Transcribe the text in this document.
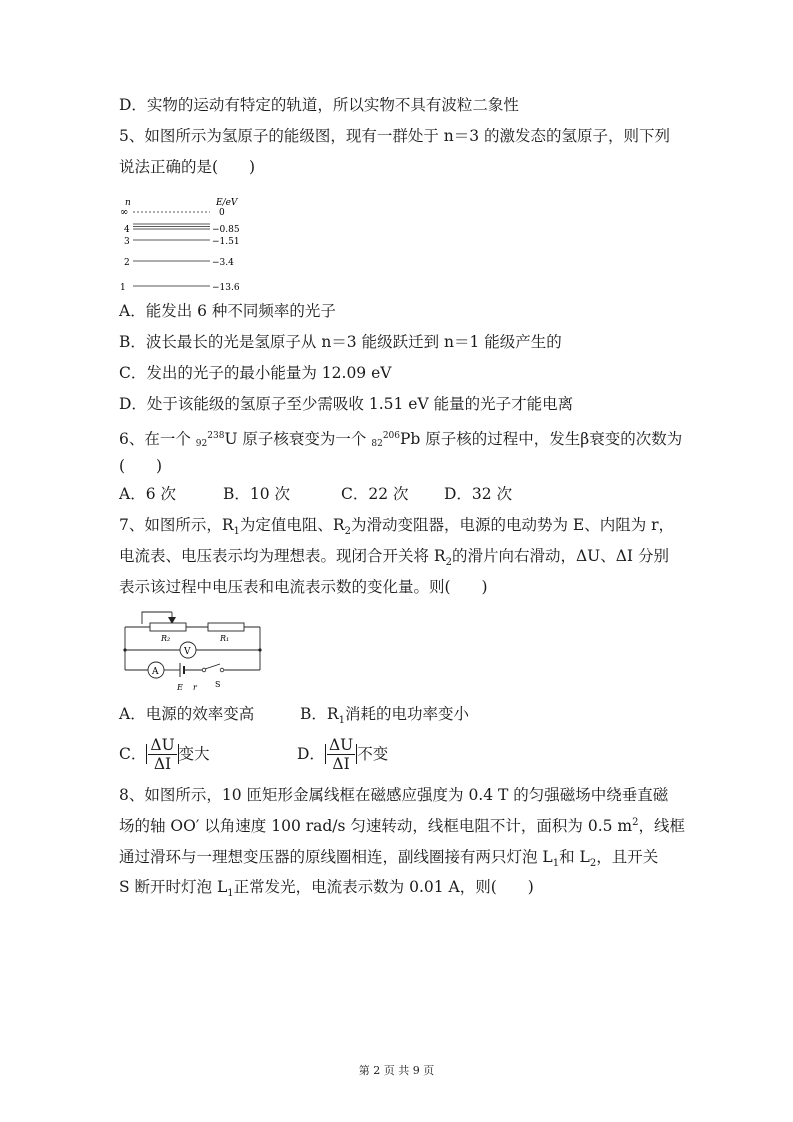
D．实物的运动有特定的轨道，所以实物不具有波粒二象性
5、如图所示为氢原子的能级图，现有一群处于 n＝3 的激发态的氢原子，则下列
说法正确的是(　　)
n	E/eV
∞	0
4	−0.85
3	−1.51
2	−3.4
1	−13.6
A．能发出 6 种不同频率的光子
B．波长最长的光是氢原子从 n＝3 能级跃迁到 n＝1 能级产生的
C．发出的光子的最小能量为 12.09 eV
D．处于该能级的氢原子至少需吸收 1.51 eV 能量的光子才能电离
6、在一个 $92^{238}U$ 原子核衰变为一个 $82^{206}Pb$ 原子核的过程中，发生β衰变的次数为
(　　)
A．6 次	B．10 次	C．22 次 D．32 次
7、如图所示，$R_1$为定值电阻、$R_2$为滑动变阻器，电源的电动势为 E、内阻为 r，
电流表、电压表示均为理想表。现闭合开关将 $R_2$的滑片向右滑动，ΔU、ΔI 分别
表示该过程中电压表和电流表示数的变化量。则(　　)
R₂	R₁
V
A
E r S
A．电源的效率变高	B．$R_1$消耗的电功率变小
C． $\frac{\Delta U}{\Delta I}$ 变大	D． $\frac{\Delta U}{\Delta I}$ 不变
8、如图所示，10 匝矩形金属线框在磁感应强度为 0.4 T 的匀强磁场中绕垂直磁
场的轴 OO′ 以角速度 100 rad/s 匀速转动，线框电阻不计，面积为 0.5 $m^2$，线框
通过滑环与一理想变压器的原线圈相连，副线圈接有两只灯泡 $L_1$和 $L_2$，且开关
S 断开时灯泡 $L_1$正常发光，电流表示数为 0.01 A，则(　　)
第 2 页 共 9 页
